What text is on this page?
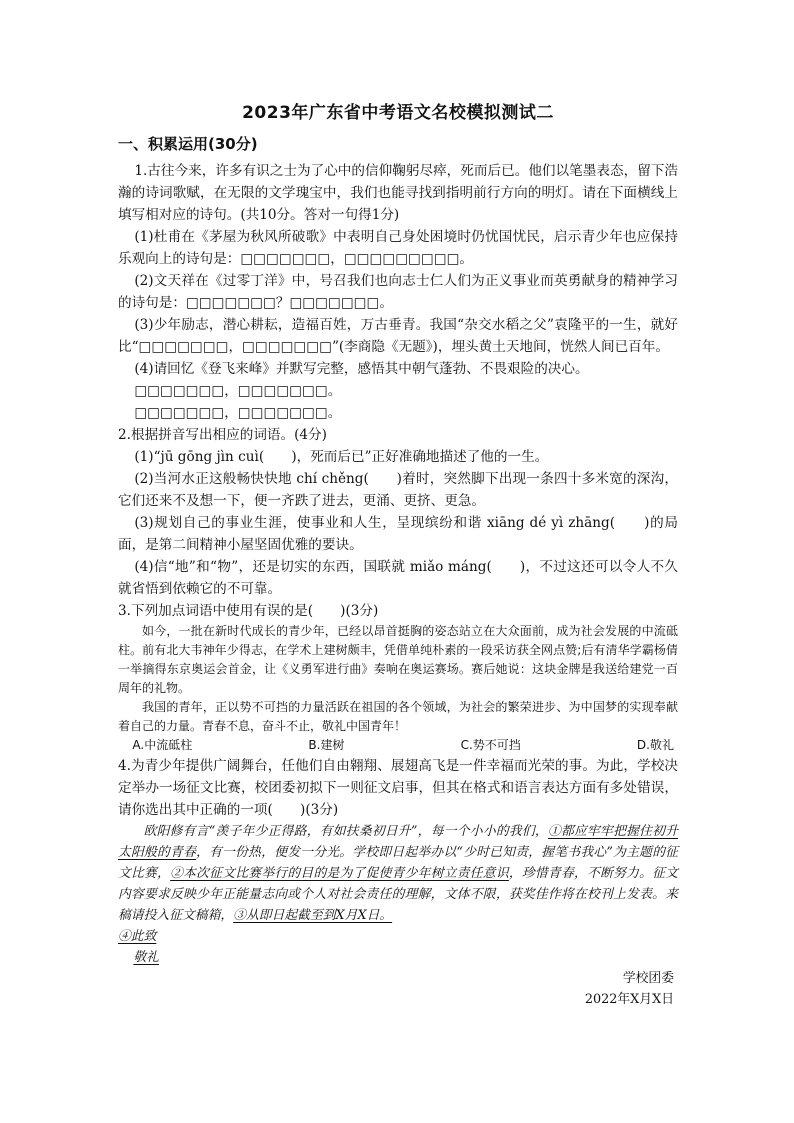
2023年广东省中考语文名校模拟测试二
一、积累运用(30分)

1.古往今来，许多有识之士为了心中的信仰鞠躬尽瘁，死而后已。他们以笔墨表态，留下浩瀚的诗词歌赋，在无限的文学瑰宝中，我们也能寻找到指明前行方向的明灯。请在下面横线上填写相对应的诗句。(共10分。答对一句得1分)

(1)杜甫在《茅屋为秋风所破歌》中表明自己身处困境时仍忧国忧民，启示青少年也应保持乐观向上的诗句是：□□□□□□□，□□□□□□□□□。

(2)文天祥在《过零丁洋》中，号召我们也向志士仁人们为正义事业而英勇献身的精神学习的诗句是：□□□□□□□？□□□□□□□。

(3)少年励志，潜心耕耘，造福百姓，万古垂青。我国“杂交水稻之父”袁隆平的一生，就好比“□□□□□□□，□□□□□□□”(李商隐《无题》)，埋头黄土天地间，恍然人间已百年。

(4)请回忆《登飞来峰》并默写完整，感悟其中朝气蓬勃、不畏艰险的决心。

□□□□□□□，□□□□□□□。

□□□□□□□，□□□□□□□。

2.根据拼音写出相应的词语。(4分)

(1)“jū gōng jìn cuì(　　)，死而后已”正好准确地描述了他的一生。

(2)当河水正这般畅快快地 chí chěng(　　)着时，突然脚下出现一条四十多米宽的深沟，它们还来不及想一下，便一齐跌了进去，更涌、更挤、更急。

(3)规划自己的事业生涯，使事业和人生，呈现缤纷和谐 xiāng dé yì zhāng(　　)的局面，是第二间精神小屋坚固优雅的要诀。

(4)信“地”和“物”，还是切实的东西，国联就 miǎo máng(　　)，不过这还可以令人不久就省悟到依赖它的不可靠。

3.下列加点词语中使用有误的是(　　)(3分)

如今，一批在新时代成长的青少年，已经以昂首挺胸的姿态站立在大众面前，成为社会发展的中流砥柱。前有北大韦神年少得志，在学术上建树颇丰，凭借单纯朴素的一段采访获全网点赞;后有清华学霸杨倩一举摘得东京奥运会首金，让《义勇军进行曲》奏响在奥运赛场。赛后她说：这块金牌是我送给建党一百周年的礼物。

我国的青年，正以势不可挡的力量活跃在祖国的各个领域，为社会的繁荣进步、为中国梦的实现奉献着自己的力量。青春不息，奋斗不止，敬礼中国青年！

A.中流砥柱	B.建树	C.势不可挡	D.敬礼

4.为青少年提供广阔舞台，任他们自由翱翔、展翅高飞是一件幸福而光荣的事。为此，学校决定举办一场征文比赛，校团委初拟下一则征文启事，但其在格式和语言表达方面有多处错误，请你选出其中正确的一项(　　)(3分)

欧阳修有言“羡子年少正得路，有如扶桑初日升”，每一个小小的我们，①都应牢牢把握住初升太阳般的青春，有一份热，便发一分光。学校即日起举办以“少时已知责，握笔书我心”为主题的征文比赛，②本次征文比赛举行的目的是为了促使青少年树立责任意识，珍惜青春，不断努力。征文内容要求反映少年正能量志向或个人对社会责任的理解，文体不限，获奖佳作将在校刊上发表。来稿请投入征文稿箱，③从即日起截至到X月X日。

④此致

敬礼

学校团委

2022年X月X日
